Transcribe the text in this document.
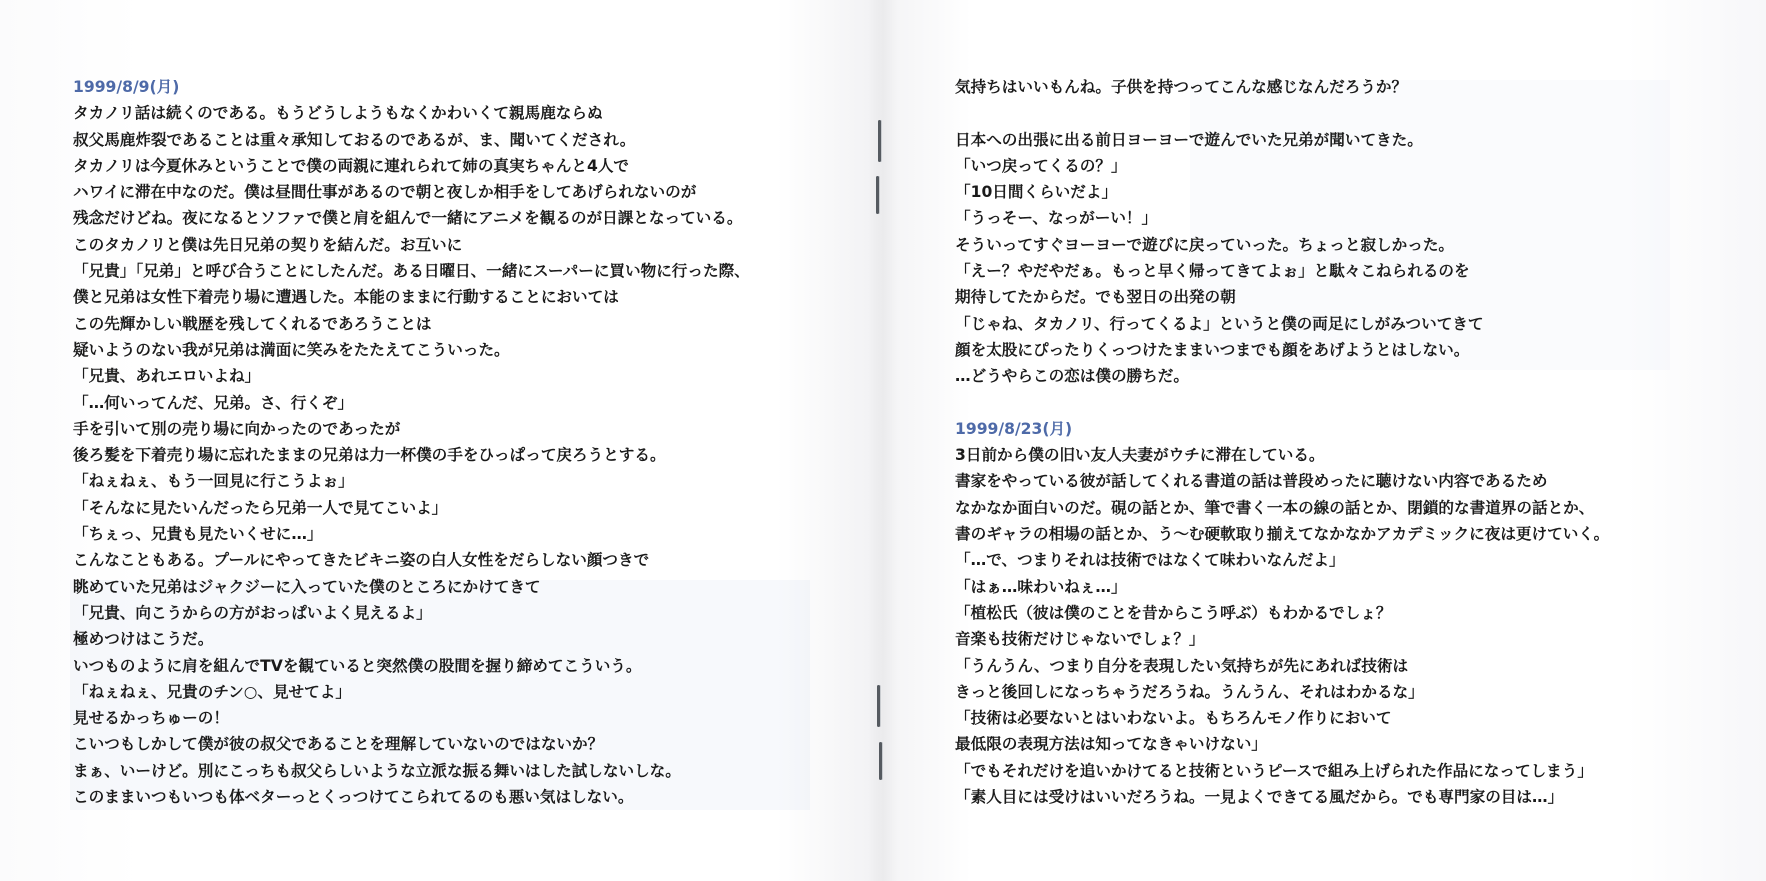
1999/8/9(月)
タカノリ話は続くのである。もうどうしようもなくかわいくて親馬鹿ならぬ
叔父馬鹿炸裂であることは重々承知しておるのであるが、ま、聞いてくだされ。
タカノリは今夏休みということで僕の両親に連れられて姉の真実ちゃんと4人で
ハワイに滞在中なのだ。僕は昼間仕事があるので朝と夜しか相手をしてあげられないのが
残念だけどね。夜になるとソファで僕と肩を組んで一緒にアニメを観るのが日課となっている。
このタカノリと僕は先日兄弟の契りを結んだ。お互いに
「兄貴」「兄弟」と呼び合うことにしたんだ。ある日曜日、一緒にスーパーに買い物に行った際、
僕と兄弟は女性下着売り場に遭遇した。本能のままに行動することにおいては
この先輝かしい戦歴を残してくれるであろうことは
疑いようのない我が兄弟は満面に笑みをたたえてこういった。
「兄貴、あれエロいよね」
「…何いってんだ、兄弟。さ、行くぞ」
手を引いて別の売り場に向かったのであったが
後ろ髪を下着売り場に忘れたままの兄弟は力一杯僕の手をひっぱって戻ろうとする。
「ねぇねぇ、もう一回見に行こうよぉ」
「そんなに見たいんだったら兄弟一人で見てこいよ」
「ちぇっ、兄貴も見たいくせに…」
こんなこともある。プールにやってきたビキニ姿の白人女性をだらしない顔つきで
眺めていた兄弟はジャクジーに入っていた僕のところにかけてきて
「兄貴、向こうからの方がおっぱいよく見えるよ」
極めつけはこうだ。
いつものように肩を組んでTVを観ていると突然僕の股間を握り締めてこういう。
「ねぇねぇ、兄貴のチン○、見せてよ」
見せるかっちゅーの！
こいつもしかして僕が彼の叔父であることを理解していないのではないか？
まぁ、いーけど。別にこっちも叔父らしいような立派な振る舞いはした試しないしな。
このままいつもいつも体ベターっとくっつけてこられてるのも悪い気はしない。
気持ちはいいもんね。子供を持つってこんな感じなんだろうか？
日本への出張に出る前日ヨーヨーで遊んでいた兄弟が聞いてきた。
「いつ戻ってくるの？」
「10日間くらいだよ」
「うっそー、なっがーい！」
そういってすぐヨーヨーで遊びに戻っていった。ちょっと寂しかった。
「えー？やだやだぁ。もっと早く帰ってきてよぉ」と駄々こねられるのを
期待してたからだ。でも翌日の出発の朝
「じゃね、タカノリ、行ってくるよ」というと僕の両足にしがみついてきて
顔を太股にぴったりくっつけたままいつまでも顔をあげようとはしない。
…どうやらこの恋は僕の勝ちだ。
1999/8/23(月)
3日前から僕の旧い友人夫妻がウチに滞在している。
書家をやっている彼が話してくれる書道の話は普段めったに聴けない内容であるため
なかなか面白いのだ。硯の話とか、筆で書く一本の線の話とか、閉鎖的な書道界の話とか、
書のギャラの相場の話とか、う～む硬軟取り揃えてなかなかアカデミックに夜は更けていく。
「…で、つまりそれは技術ではなくて味わいなんだよ」
「はぁ…味わいねぇ…」
「植松氏（彼は僕のことを昔からこう呼ぶ）もわかるでしょ？
音楽も技術だけじゃないでしょ？」
「うんうん、つまり自分を表現したい気持ちが先にあれば技術は
きっと後回しになっちゃうだろうね。うんうん、それはわかるな」
「技術は必要ないとはいわないよ。もちろんモノ作りにおいて
最低限の表現方法は知ってなきゃいけない」
「でもそれだけを追いかけてると技術というピースで組み上げられた作品になってしまう」
「素人目には受けはいいだろうね。一見よくできてる風だから。でも専門家の目は…」
